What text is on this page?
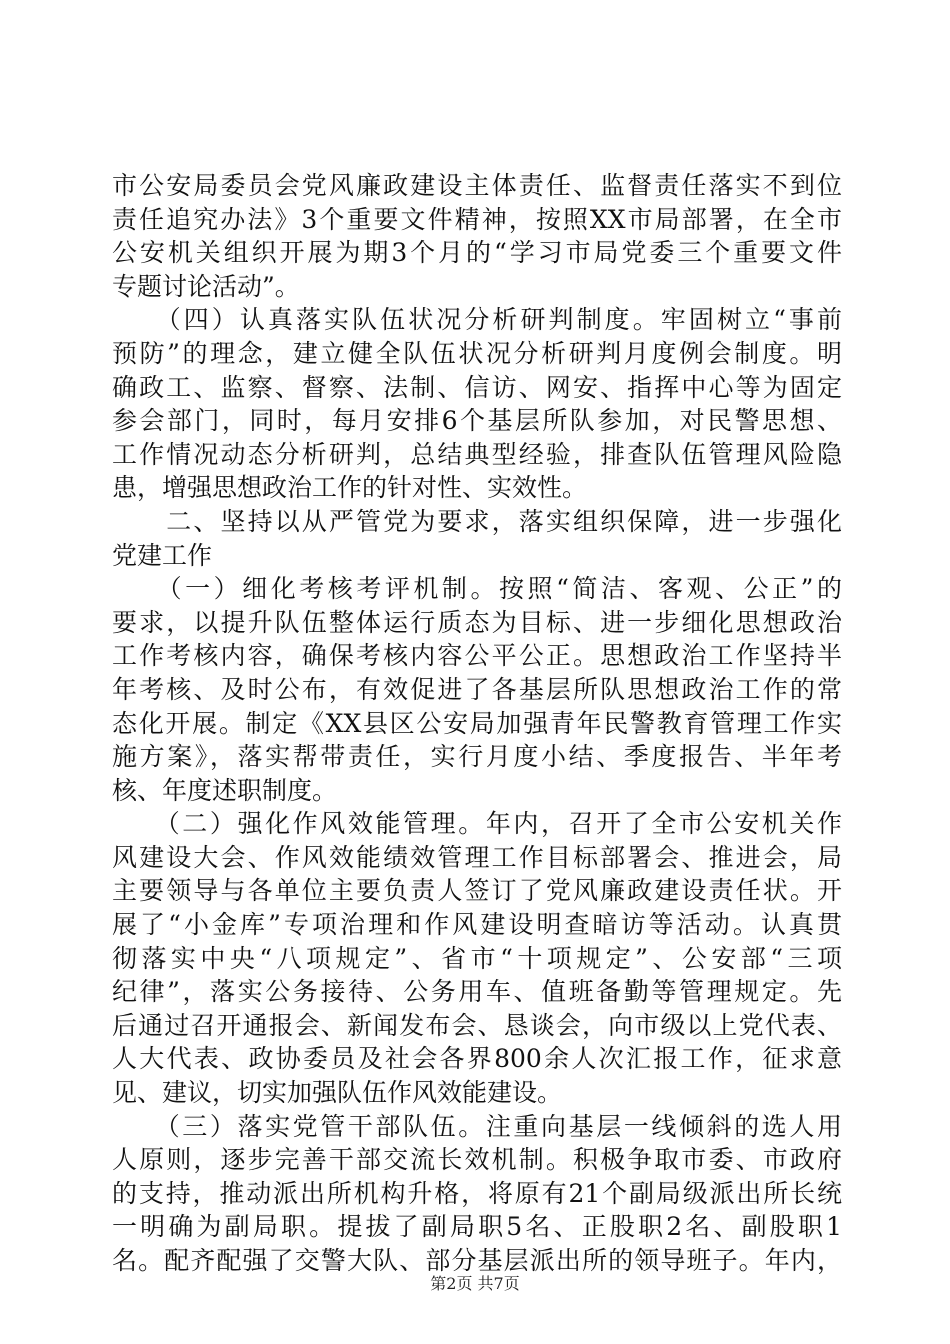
市公安局委员会党风廉政建设主体责任、监督责任落实不到位
责任追究办法》3个重要文件精神，按照XX市局部署，在全市
公安机关组织开展为期3个月的“学习市局党委三个重要文件
专题讨论活动”。
　　（四）认真落实队伍状况分析研判制度。牢固树立“事前
预防”的理念，建立健全队伍状况分析研判月度例会制度。明
确政工、监察、督察、法制、信访、网安、指挥中心等为固定
参会部门，同时，每月安排6个基层所队参加，对民警思想、
工作情况动态分析研判，总结典型经验，排查队伍管理风险隐
患，增强思想政治工作的针对性、实效性。
　　二、坚持以从严管党为要求，落实组织保障，进一步强化
党建工作
　　（一）细化考核考评机制。按照“简洁、客观、公正”的
要求，以提升队伍整体运行质态为目标、进一步细化思想政治
工作考核内容，确保考核内容公平公正。思想政治工作坚持半
年考核、及时公布，有效促进了各基层所队思想政治工作的常
态化开展。制定《XX县区公安局加强青年民警教育管理工作实
施方案》，落实帮带责任，实行月度小结、季度报告、半年考
核、年度述职制度。
　　（二）强化作风效能管理。年内，召开了全市公安机关作
风建设大会、作风效能绩效管理工作目标部署会、推进会，局
主要领导与各单位主要负责人签订了党风廉政建设责任状。开
展了“小金库”专项治理和作风建设明查暗访等活动。认真贯
彻落实中央“八项规定”、省市“十项规定”、公安部“三项
纪律”，落实公务接待、公务用车、值班备勤等管理规定。先
后通过召开通报会、新闻发布会、恳谈会，向市级以上党代表、
人大代表、政协委员及社会各界800余人次汇报工作，征求意
见、建议，切实加强队伍作风效能建设。
　　（三）落实党管干部队伍。注重向基层一线倾斜的选人用
人原则，逐步完善干部交流长效机制。积极争取市委、市政府
的支持，推动派出所机构升格，将原有21个副局级派出所长统
一明确为副局职。提拔了副局职5名、正股职2名、副股职1
名。配齐配强了交警大队、部分基层派出所的领导班子。年内，
第2页 共7页
